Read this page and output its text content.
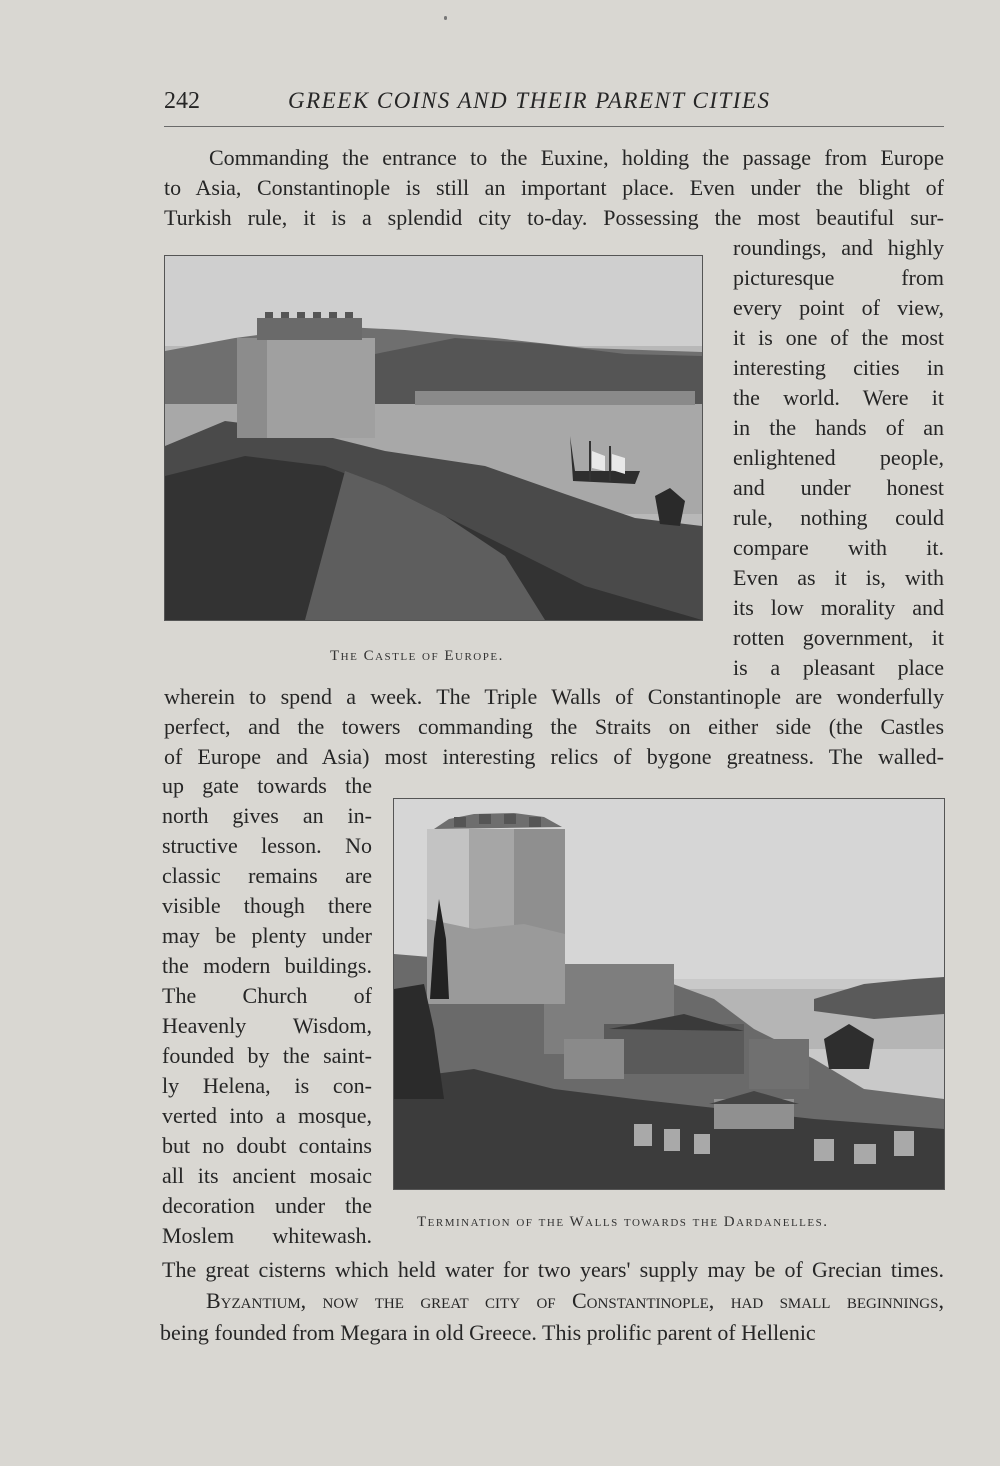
242	GREEK COINS AND THEIR PARENT CITIES
The Castle of Europe.
Termination of the Walls towards the Dardanelles.
Commanding the entrance to the Euxine, holding the passage from Europe
to Asia, Constantinople is still an important place. Even under the blight of
Turkish rule, it is a splendid city to-day. Possessing the most beautiful sur-
roundings, and highly
picturesque from
every point of view,
it is one of the most
interesting cities in
the world. Were it
in the hands of an
enlightened people,
and under honest
rule, nothing could
compare with it.
Even as it is, with
its low morality and
rotten government, it
is a pleasant place
wherein to spend a week. The Triple Walls of Constantinople are wonderfully
perfect, and the towers commanding the Straits on either side (the Castles
of Europe and Asia) most interesting relics of bygone greatness. The walled-
up gate towards the
north gives an in-
structive lesson. No
classic remains are
visible though there
may be plenty under
the modern buildings.
The Church of
Heavenly Wisdom,
founded by the saint-
ly Helena, is con-
verted into a mosque,
but no doubt contains
all its ancient mosaic
decoration under the
Moslem whitewash.
The great cisterns which held water for two years' supply may be of Grecian times.
Byzantium, now the great city of Constantinople, had small beginnings,
being founded from Megara in old Greece. This prolific parent of Hellenic
